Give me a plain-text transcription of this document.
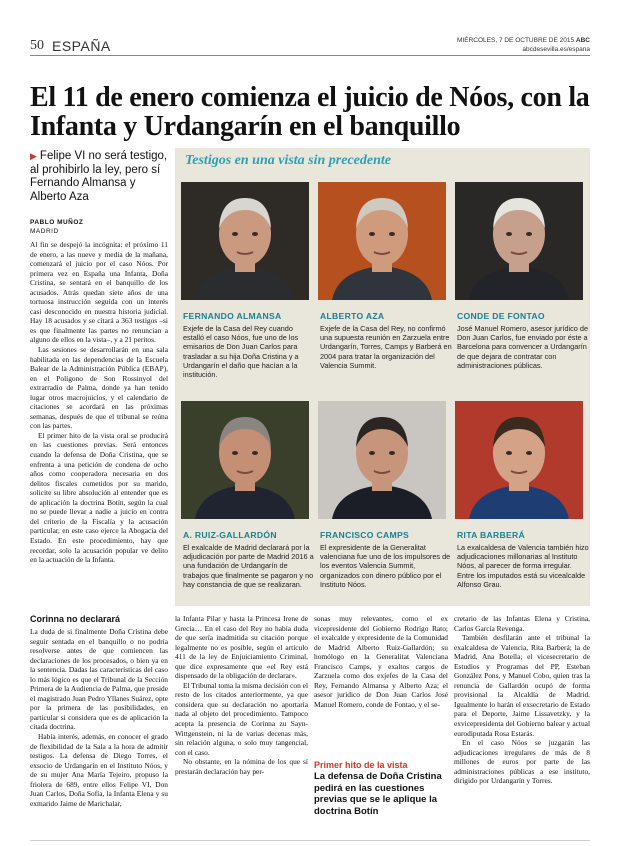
50 ESPAÑA	MIÉRCOLES, 7 DE OCTUBRE DE 2015 ABC
abcdesevilla.es/espana
El 11 de enero comienza el juicio de Nóos, con la Infanta y Urdangarín en el banquillo
▶ Felipe VI no será testigo, al prohibirlo la ley, pero sí Fernando Almansa y Alberto Aza
PABLO MUÑOZ
MADRID

Al fin se despejó la incógnita: el próximo 11 de enero, a las nueve y media de la mañana, comenzará el juicio por el caso Nóos. Por primera vez en España una Infanta, Doña Cristina, se sentará en el banquillo de los acusados. Atrás quedan siete años de una tortuosa instrucción seguida con un interés casi desconocido en nuestra historia judicial. Hay 18 acusados y se citará a 363 testigos –si es que finalmente las partes no renuncian a alguno de ellos en la vista–, y a 21 peritos.

Las sesiones se desarrollarán en una sala habilitada en las dependencias de la Escuela Balear de la Administración Pública (EBAP), en el Polígono de Son Rossinyol del extrarradio de Palma, donde ya han tenido lugar otros macrojuicios, y el calendario de citaciones se acordará en las próximas semanas, después de que el tribunal se reúna con las partes.

El primer hito de la vista oral se producirá en las cuestiones previas. Será entonces cuando la defensa de Doña Cristina, que se enfrenta a una petición de condena de ocho años como cooperadora necesaria en dos delitos fiscales cometidos por su marido, solicite su libre absolución al entender que es de aplicación la doctrina Botín, según la cual no se puede llevar a nadie a juicio en contra del criterio de la Fiscalía y la acusación particular, en este caso ejerce la Abogacía del Estado. En este procedimiento, hay que recordar, solo la acusación popular ve delito en la actuación de la Infanta.

Testigos en una vista sin precedente
FERNANDO ALMANSA
Exjefe de la Casa del Rey cuando estalló el caso Nóos, fue uno de los emisarios de Don Juan Carlos para trasladar a su hija Doña Cristina y a Urdangarín el daño que hacían a la institución.
ALBERTO AZA
Exjefe de la Casa del Rey, no confirmó una supuesta reunión en Zarzuela entre Urdangarín, Torres, Camps y Barberá en 2004 para tratar la organización del Valencia Summit.
CONDE DE FONTAO
José Manuel Romero, asesor jurídico de Don Juan Carlos, fue enviado por éste a Barcelona para convencer a Urdangarín de que dejara de contratar con administraciones públicas.
A. RUIZ-GALLARDÓN
El exalcalde de Madrid declarará por la adjudicación por parte de Madrid 2016 a una fundación de Urdangarín de trabajos que finalmente se pagaron y no hay constancia de que se realizaran.
FRANCISCO CAMPS
El expresidente de la Generalitat valenciana fue uno de los impulsores de los eventos Valencia Summit, organizados con dinero público por el Instituto Nóos.
RITA BARBERÁ
La exalcaldesa de Valencia también hizo adjudicaciones millonarias al Instituto Nóos, al parecer de forma irregular. Entre los imputados está su vicealcalde Alfonso Grau.
Corinna no declarará

La duda de si finalmente Doña Cristina debe seguir sentada en el banquillo o no podría resolverse antes de que comiencen las declaraciones de los procesados, o bien ya en la sentencia. Dadas las características del caso lo más lógico es que el Tribunal de la Sección Primera de la Audiencia de Palma, que preside el magistrado Juan Pedro Yllanes Suárez, opte por la primera de las posibilidades, en particular si considera que es de aplicación la citada doctrina.

Había interés, además, en conocer el grado de flexibilidad de la Sala a la hora de admitir testigos. La defensa de Diego Torres, el exsocio de Urdangarín en el Instituto Nóos, y de su mujer Ana María Tejeiro, propuso la friolera de 689, entre ellos Felipe VI, Don Juan Carlos, Doña Sofía, la Infanta Elena y su exmarido Jaime de Marichalar,

la Infanta Pilar y hasta la Princesa Irene de Grecia… En el caso del Rey no había duda de que sería inadmitida su citación porque legalmente no es posible, según el artículo 411 de la ley de Enjuiciamiento Criminal, que dice expresamente que «el Rey está dispensado de la obligación de declarar».

El Tribunal toma la misma decisión con el resto de los citados anteriormente, ya que considera que su declaración no aportaría nada al objeto del procedimiento. Tampoco acepta la presencia de Corinna zu Sayn-Wittgenstein, ni la de varias decenas más, sin relación alguna, o solo muy tangencial, con el caso.

No obstante, en la nómina de los que sí prestarán declaración hay per-

sonas muy relevantes, como el ex vicepresidente del Gobierno Rodrigo Rato; el exalcalde y expresidente de la Comunidad de Madrid Alberto Ruiz-Gallardón; su homólogo en la Generalitat Valenciana Francisco Camps, y exaltos cargos de Zarzuela como dos exjefes de la Casa del Rey, Fernando Almansa y Alberto Aza; el asesor jurídico de Don Juan Carlos José Manuel Romero, conde de Fontao, y el se-

Primer hito de la vista
La defensa de Doña Cristina pedirá en las cuestiones previas que se le aplique la doctrina Botín

cretario de las Infantas Elena y Cristina, Carlos García Revenga.

También desfilarán ante el tribunal la exalcaldesa de Valencia, Rita Barberá; la de Madrid, Ana Botella; el vicesecretario de Estudios y Programas del PP, Esteban González Pons, y Manuel Cobo, quien tras la renuncia de Gallardón ocupó de forma provisional la Alcaldía de Madrid. Igualmente lo harán el exsecretario de Estado para el Deporte, Jaime Lissavetzky, y la exvicepresidenta del Gobierno balear y actual eurodiputada Rosa Estarás.

En el caso Nóos se juzgarán las adjudicaciones irregulares de más de 8 millones de euros por parte de las administraciones públicas a ese instituto, dirigido por Urdangarín y Torres.
